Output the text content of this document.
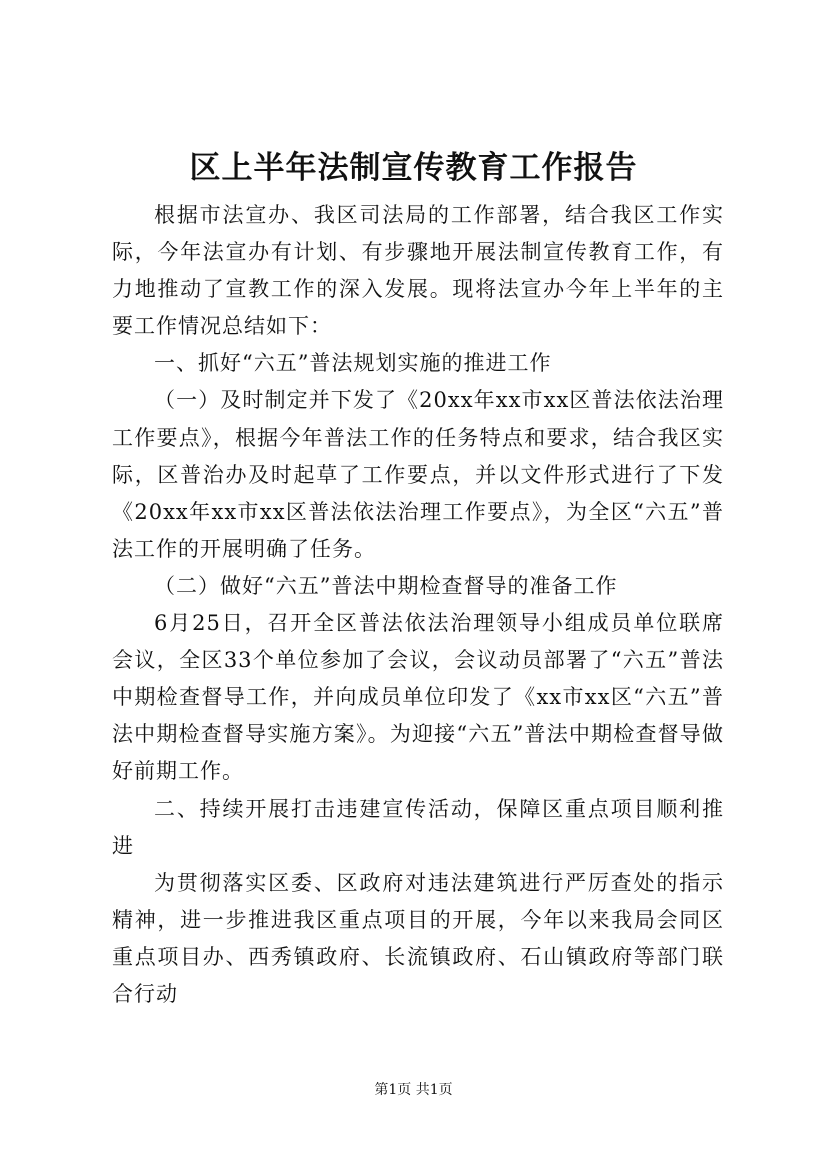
区上半年法制宣传教育工作报告

根据市法宣办、我区司法局的工作部署，结合我区工作实际，今年法宣办有计划、有步骤地开展法制宣传教育工作，有力地推动了宣教工作的深入发展。现将法宣办今年上半年的主要工作情况总结如下：

一、抓好“六五”普法规划实施的推进工作

（一）及时制定并下发了《20xx年xx市xx区普法依法治理工作要点》，根据今年普法工作的任务特点和要求，结合我区实际，区普治办及时起草了工作要点，并以文件形式进行了下发《20xx年xx市xx区普法依法治理工作要点》，为全区“六五”普法工作的开展明确了任务。

（二）做好“六五”普法中期检查督导的准备工作

6月25日，召开全区普法依法治理领导小组成员单位联席会议，全区33个单位参加了会议，会议动员部署了“六五”普法中期检查督导工作，并向成员单位印发了《xx市xx区“六五”普法中期检查督导实施方案》。为迎接“六五”普法中期检查督导做好前期工作。

二、持续开展打击违建宣传活动，保障区重点项目顺利推进

为贯彻落实区委、区政府对违法建筑进行严厉查处的指示精神，进一步推进我区重点项目的开展，今年以来我局会同区重点项目办、西秀镇政府、长流镇政府、石山镇政府等部门联合行动

第1页 共1页
